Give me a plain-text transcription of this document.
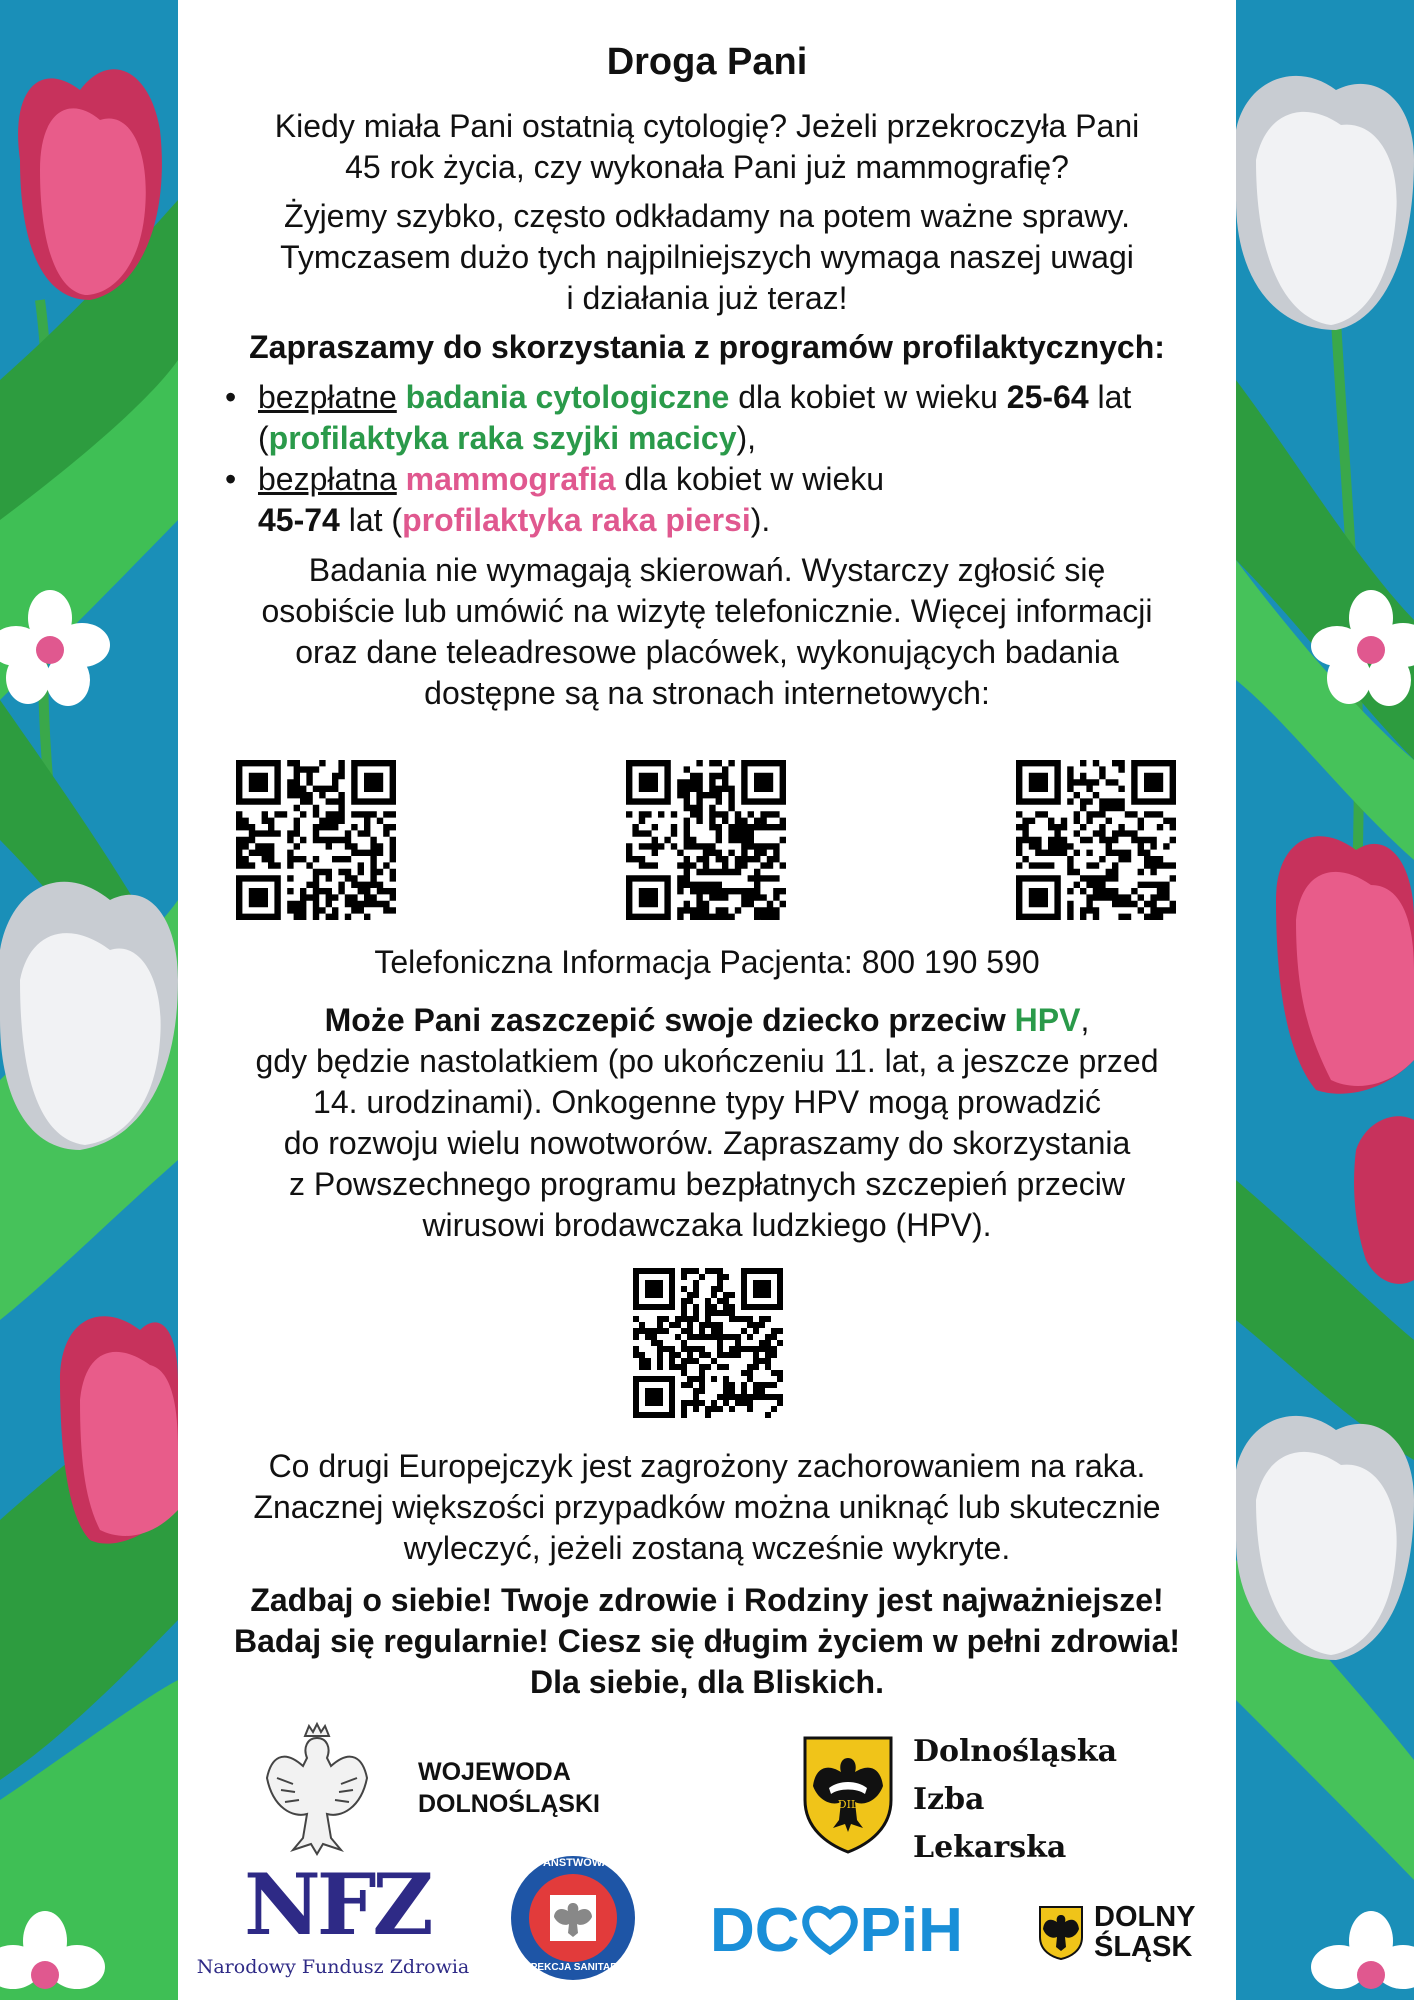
Droga Pani
Kiedy miała Pani ostatnią cytologię? Jeżeli przekroczyła Pani
45 rok życia, czy wykonała Pani już mammografię?
Żyjemy szybko, często odkładamy na potem ważne sprawy.
Tymczasem dużo tych najpilniejszych wymaga naszej uwagi
i działania już teraz!
Zapraszamy do skorzystania z programów profilaktycznych:
• bezpłatne badania cytologiczne dla kobiet w wieku 25-64 lat
(profilaktyka raka szyjki macicy),
• bezpłatna mammografia dla kobiet w wieku
45-74 lat (profilaktyka raka piersi).
Badania nie wymagają skierowań. Wystarczy zgłosić się
osobiście lub umówić na wizytę telefonicznie. Więcej informacji
oraz dane teleadresowe placówek, wykonujących badania
dostępne są na stronach internetowych:
Telefoniczna Informacja Pacjenta: 800 190 590
Może Pani zaszczepić swoje dziecko przeciw HPV,
gdy będzie nastolatkiem (po ukończeniu 11. lat, a jeszcze przed
14. urodzinami). Onkogenne typy HPV mogą prowadzić
do rozwoju wielu nowotworów. Zapraszamy do skorzystania
z Powszechnego programu bezpłatnych szczepień przeciw
wirusowi brodawczaka ludzkiego (HPV).
Co drugi Europejczyk jest zagrożony zachorowaniem na raka.
Znacznej większości przypadków można uniknąć lub skutecznie
wyleczyć, jeżeli zostaną wcześnie wykryte.
Zadbaj o siebie! Twoje zdrowie i Rodziny jest najważniejsze!
Badaj się regularnie! Ciesz się długim życiem w pełni zdrowia!
Dla siebie, dla Bliskich.
WOJEWODA
DOLNOŚLĄSKI	DIL
Dolnośląska
Izba
Lekarska
NFZ
Narodowy Fundusz Zdrowia
PAŃSTWOWA
INSPEKCJA SANITARNA
DC PiH	DOLNY
ŚLĄSK
